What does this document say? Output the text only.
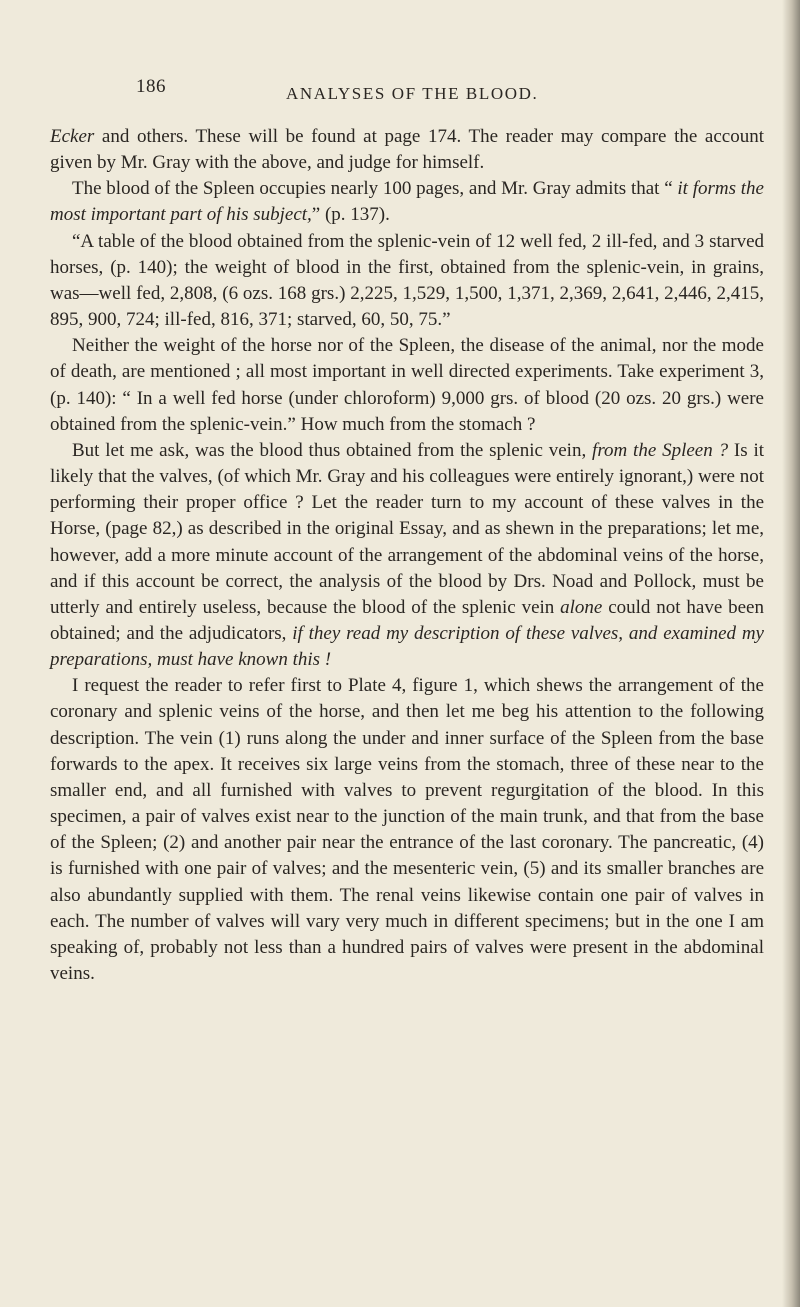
186	ANALYSES OF THE BLOOD.

Ecker and others. These will be found at page 174. The reader may compare the account given by Mr. Gray with the above, and judge for himself.

The blood of the Spleen occupies nearly 100 pages, and Mr. Gray admits that “ it forms the most important part of his subject,” (p. 137).

“A table of the blood obtained from the splenic-vein of 12 well fed, 2 ill-fed, and 3 starved horses, (p. 140); the weight of blood in the first, obtained from the splenic-vein, in grains, was—well fed, 2,808, (6 ozs. 168 grs.) 2,225, 1,529, 1,500, 1,371, 2,369, 2,641, 2,446, 2,415, 895, 900, 724; ill-fed, 816, 371; starved, 60, 50, 75.”

Neither the weight of the horse nor of the Spleen, the disease of the animal, nor the mode of death, are mentioned ; all most important in well directed experiments. Take experiment 3, (p. 140): “ In a well fed horse (under chloroform) 9,000 grs. of blood (20 ozs. 20 grs.) were obtained from the splenic-vein.” How much from the stomach ?

But let me ask, was the blood thus obtained from the splenic vein, from the Spleen ? Is it likely that the valves, (of which Mr. Gray and his colleagues were entirely ignorant,) were not performing their proper office ? Let the reader turn to my account of these valves in the Horse, (page 82,) as described in the original Essay, and as shewn in the preparations; let me, however, add a more minute account of the arrangement of the abdominal veins of the horse, and if this account be correct, the analysis of the blood by Drs. Noad and Pollock, must be utterly and entirely useless, because the blood of the splenic vein alone could not have been obtained; and the adjudicators, if they read my description of these valves, and examined my preparations, must have known this !

I request the reader to refer first to Plate 4, figure 1, which shews the arrangement of the coronary and splenic veins of the horse, and then let me beg his attention to the following description. The vein (1) runs along the under and inner surface of the Spleen from the base forwards to the apex. It receives six large veins from the stomach, three of these near to the smaller end, and all furnished with valves to prevent regurgitation of the blood. In this specimen, a pair of valves exist near to the junction of the main trunk, and that from the base of the Spleen; (2) and another pair near the entrance of the last coronary. The pancreatic, (4) is furnished with one pair of valves; and the mesenteric vein, (5) and its smaller branches are also abundantly supplied with them. The renal veins likewise contain one pair of valves in each. The number of valves will vary very much in different specimens; but in the one I am speaking of, probably not less than a hundred pairs of valves were present in the abdominal veins.
